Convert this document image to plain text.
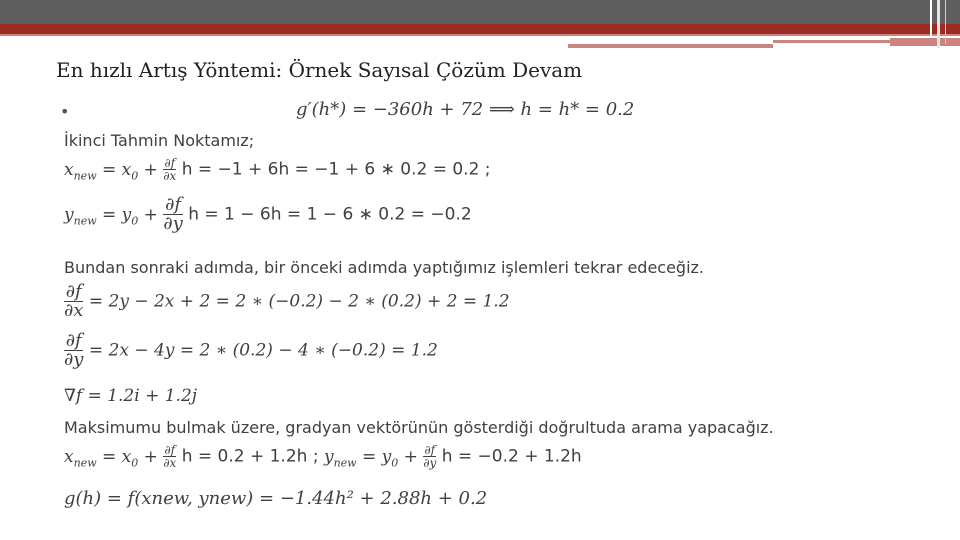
En hızlı Artış Yöntemi: Örnek Sayısal Çözüm Devam
•	g′(h*) = −360h + 72 ⟹ h = h* = 0.2
İkinci Tahmin Noktamız;
$x_{new} = x_0 + \frac{\partial f}{\partial x}$ h = −1 + 6h = −1 + 6 ∗ 0.2 = 0.2 ;
$y_{new} = y_0 + \frac{\partial f}{\partial y}$ h = 1 − 6h = 1 − 6 ∗ 0.2 = −0.2
Bundan sonraki adımda, bir önceki adımda yaptığımız işlemleri tekrar edeceğiz.
$\frac{\partial f}{\partial x} = 2y - 2x + 2 = 2$ ∗ (−0.2) − 2 ∗ (0.2) + 2 = 1.2
$\frac{\partial f}{\partial y} = 2x - 4y = 2$ ∗ (0.2) − 4 ∗ (−0.2) = 1.2
∇f = 1.2i + 1.2j
Maksimumu bulmak üzere, gradyan vektörünün gösterdiği doğrultuda arama yapacağız.
$x_{new} = x_0 + \frac{\partial f}{\partial x}$ h = 0.2 + 1.2h ; $y_{new} = y_0 + \frac{\partial f}{\partial y}$ h = −0.2 + 1.2h
g(h) = f(xnew, ynew) = −1.44h² + 2.88h + 0.2
